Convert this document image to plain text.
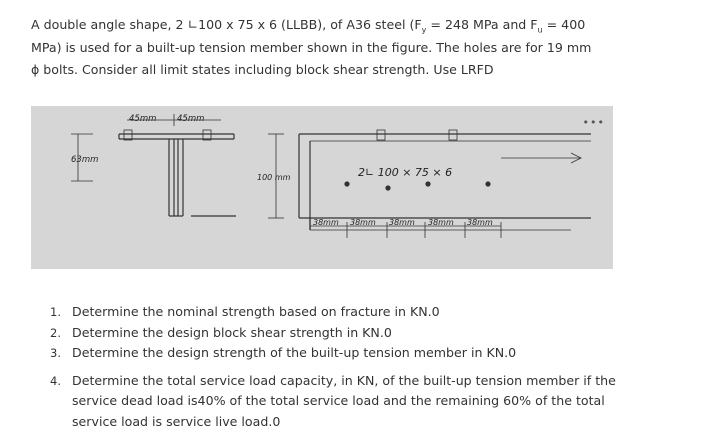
A double angle shape, 2 ∟100 x 75 x 6 (LLBB), of A36 steel ($F_y = 248$ MPa and $F_u = 400$
MPa) is used for a built-up tension member shown in the figure. The holes are for 19 mm
ϕ bolts. Consider all limit states including block shear strength. Use LRFD

45mm 45mm
63mm
100 mm	2∟ 100 × 75 × 6
38mm 38mm 38mm 38mm 38mm
•••
1. Determine the nominal strength based on fracture in KN.0
2. Determine the design block shear strength in KN.0
3. Determine the design strength of the built-up tension member in KN.0
4. Determine the total service load capacity, in KN, of the built-up tension member if the service dead load is40% of the total service load and the remaining 60% of the total service load is service live load.0
